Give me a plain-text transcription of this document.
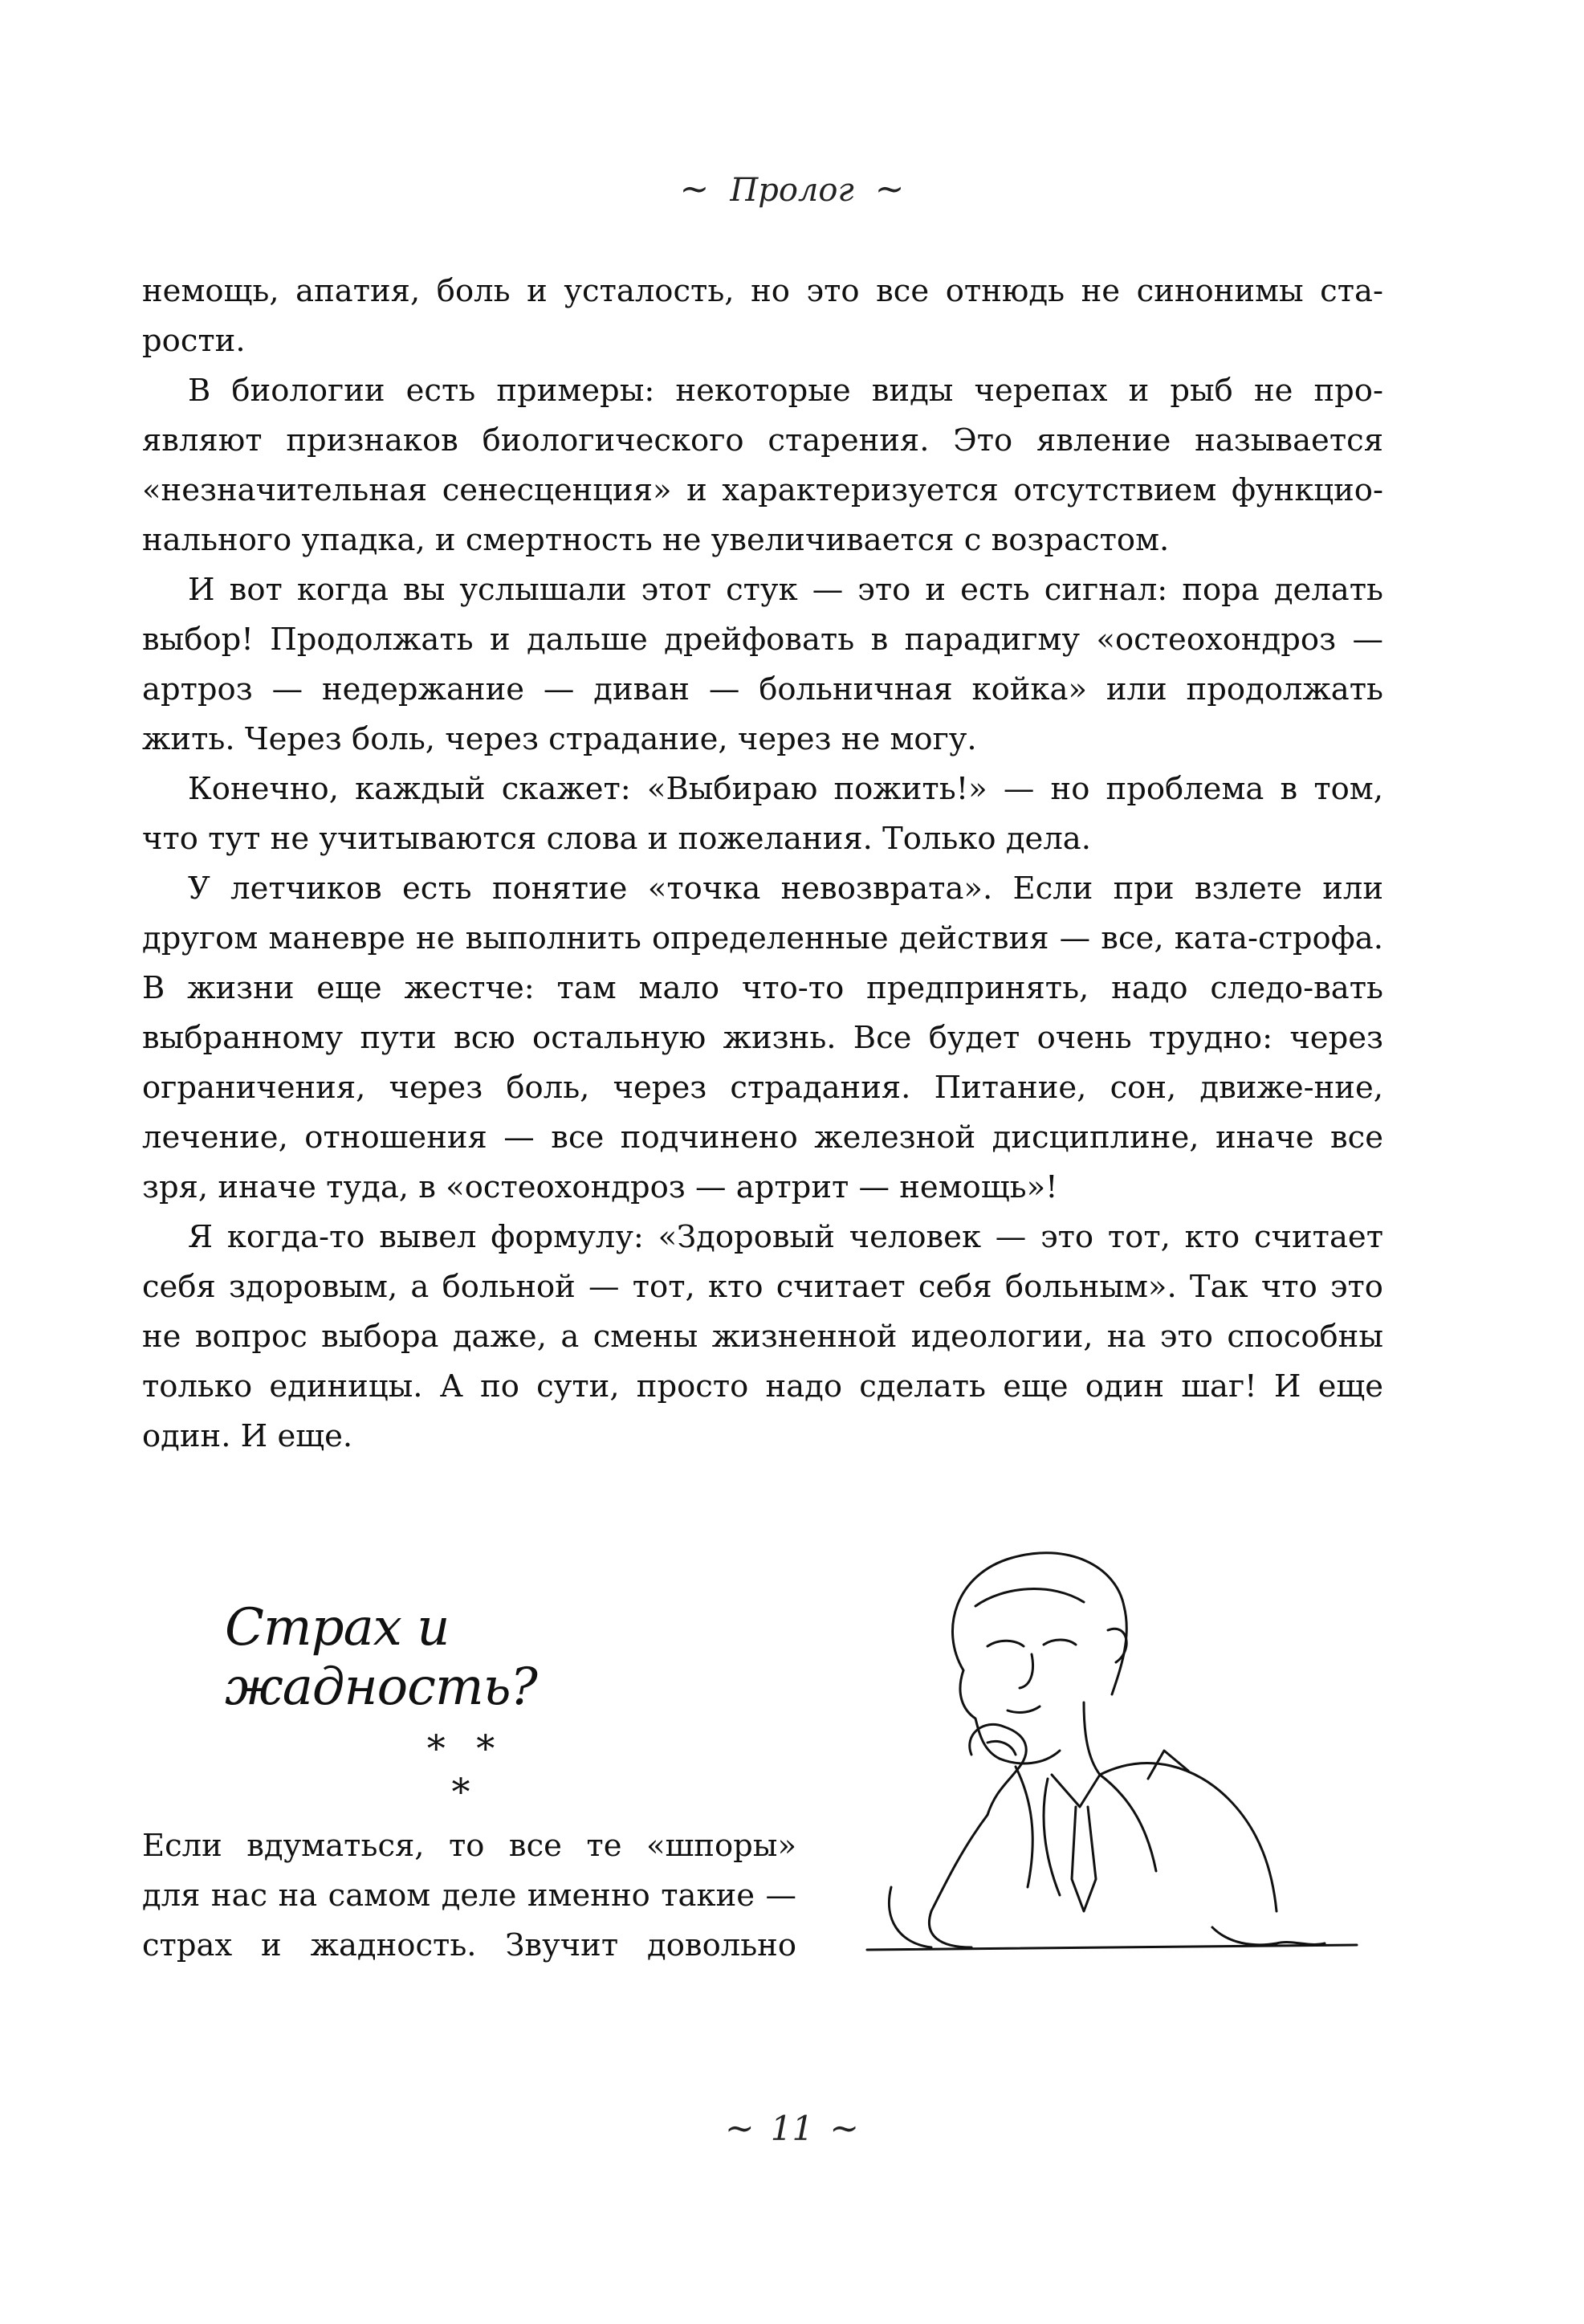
~ Пролог ~

немощь, апатия, боль и усталость, но это все отнюдь не синонимы ста-рости.

В биологии есть примеры: некоторые виды черепах и рыб не про-являют признаков биологического старения. Это явление называется «незначительная сенесценция» и характеризуется отсутствием функцио-нального упадка, и смертность не увеличивается с возрастом.

И вот когда вы услышали этот стук — это и есть сигнал: пора делать выбор! Продолжать и дальше дрейфовать в парадигму «остеохондроз — артроз — недержание — диван — больничная койка» или продолжать жить. Через боль, через страдание, через не могу.

Конечно, каждый скажет: «Выбираю пожить!» — но проблема в том, что тут не учитываются слова и пожелания. Только дела.

У летчиков есть понятие «точка невозврата». Если при взлете или другом маневре не выполнить определенные действия — все, ката-строфа. В жизни еще жестче: там мало что-то предпринять, надо следо-вать выбранному пути всю остальную жизнь. Все будет очень трудно: через ограничения, через боль, через страдания. Питание, сон, движе-ние, лечение, отношения — все подчинено железной дисциплине, иначе все зря, иначе туда, в «остеохондроз — артрит — немощь»!

Я когда-то вывел формулу: «Здоровый человек — это тот, кто считает себя здоровым, а больной — тот, кто считает себя больным». Так что это не вопрос выбора даже, а смены жизненной идеологии, на это способны только единицы. А по сути, просто надо сделать еще один шаг! И еще один. И еще.

Страх и жадность?
* * *
Если вдуматься, то все те «шпоры»
для нас на самом деле именно такие —
страх и жадность. Звучит довольно
~ 11 ~
